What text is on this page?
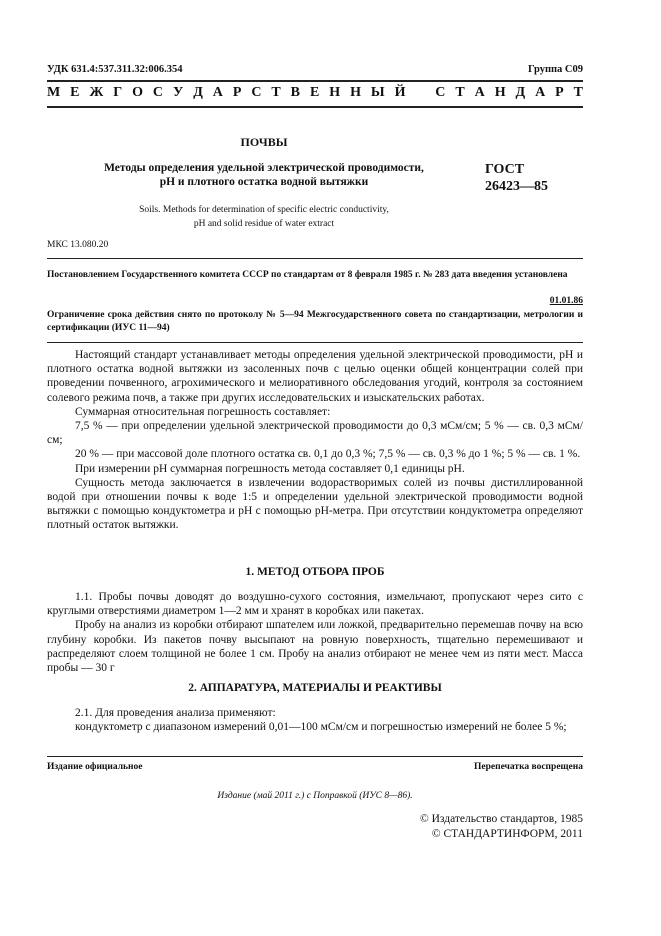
УДК 631.4:537.311.32:006.354	Группа С09
М Е Ж Г О С У Д А Р С Т В Е Н Н Ы Й С Т А Н Д А Р Т
ПОЧВЫ
Методы определения удельной электрической проводимости,
pH и плотного остатка водной вытяжки
ГОСТ
26423—85
Soils. Methods for determination of specific electric conductivity,
pH and solid residue of water extract
МКС 13.080.20
Постановлением Государственного комитета СССР по стандартам от 8 февраля 1985 г. № 283 дата введения установлена
01.01.86
Ограничение срока действия снято по протоколу № 5—94 Межгосударственного совета по стандартизации, метрологии и сертификации (ИУС 11—94)

Настоящий стандарт устанавливает методы определения удельной электрической проводимости, pH и плотного остатка водной вытяжки из засоленных почв с целью оценки общей концентрации солей при проведении почвенного, агрохимического и мелиоративного обследования угодий, контроля за состоянием солевого режима почв, а также при других исследовательских и изыскательских работах.

Суммарная относительная погрешность составляет:

7,5 % — при определении удельной электрической проводимости до 0,3 мСм/см; 5 % — св. 0,3 мСм/см;

20 % — при массовой доле плотного остатка св. 0,1 до 0,3 %; 7,5 % — св. 0,3 % до 1 %; 5 % — св. 1 %.

При измерении pH суммарная погрешность метода составляет 0,1 единицы pH.

Сущность метода заключается в извлечении водорастворимых солей из почвы дистиллированной водой при отношении почвы к воде 1:5 и определении удельной электрической проводимости водной вытяжки с помощью кондуктометра и pH с помощью pH-метра. При отсутствии кондуктометра определяют плотный остаток вытяжки.

1. МЕТОД ОТБОРА ПРОБ

1.1. Пробы почвы доводят до воздушно-сухого состояния, измельчают, пропускают через сито с круглыми отверстиями диаметром 1—2 мм и хранят в коробках или пакетах.

Пробу на анализ из коробки отбирают шпателем или ложкой, предварительно перемешав почву на всю глубину коробки. Из пакетов почву высыпают на ровную поверхность, тщательно перемешивают и распределяют слоем толщиной не более 1 см. Пробу на анализ отбирают не менее чем из пяти мест. Масса пробы — 30 г

2. АППАРАТУРА, МАТЕРИАЛЫ И РЕАКТИВЫ

2.1. Для проведения анализа применяют:

кондуктометр с диапазоном измерений 0,01—100 мСм/см и погрешностью измерений не более 5 %;

Издание официальное	Перепечатка воспрещена
Издание (май 2011 г.) с Поправкой (ИУС 8—86).
© Издательство стандартов, 1985
© СТАНДАРТИНФОРМ, 2011
